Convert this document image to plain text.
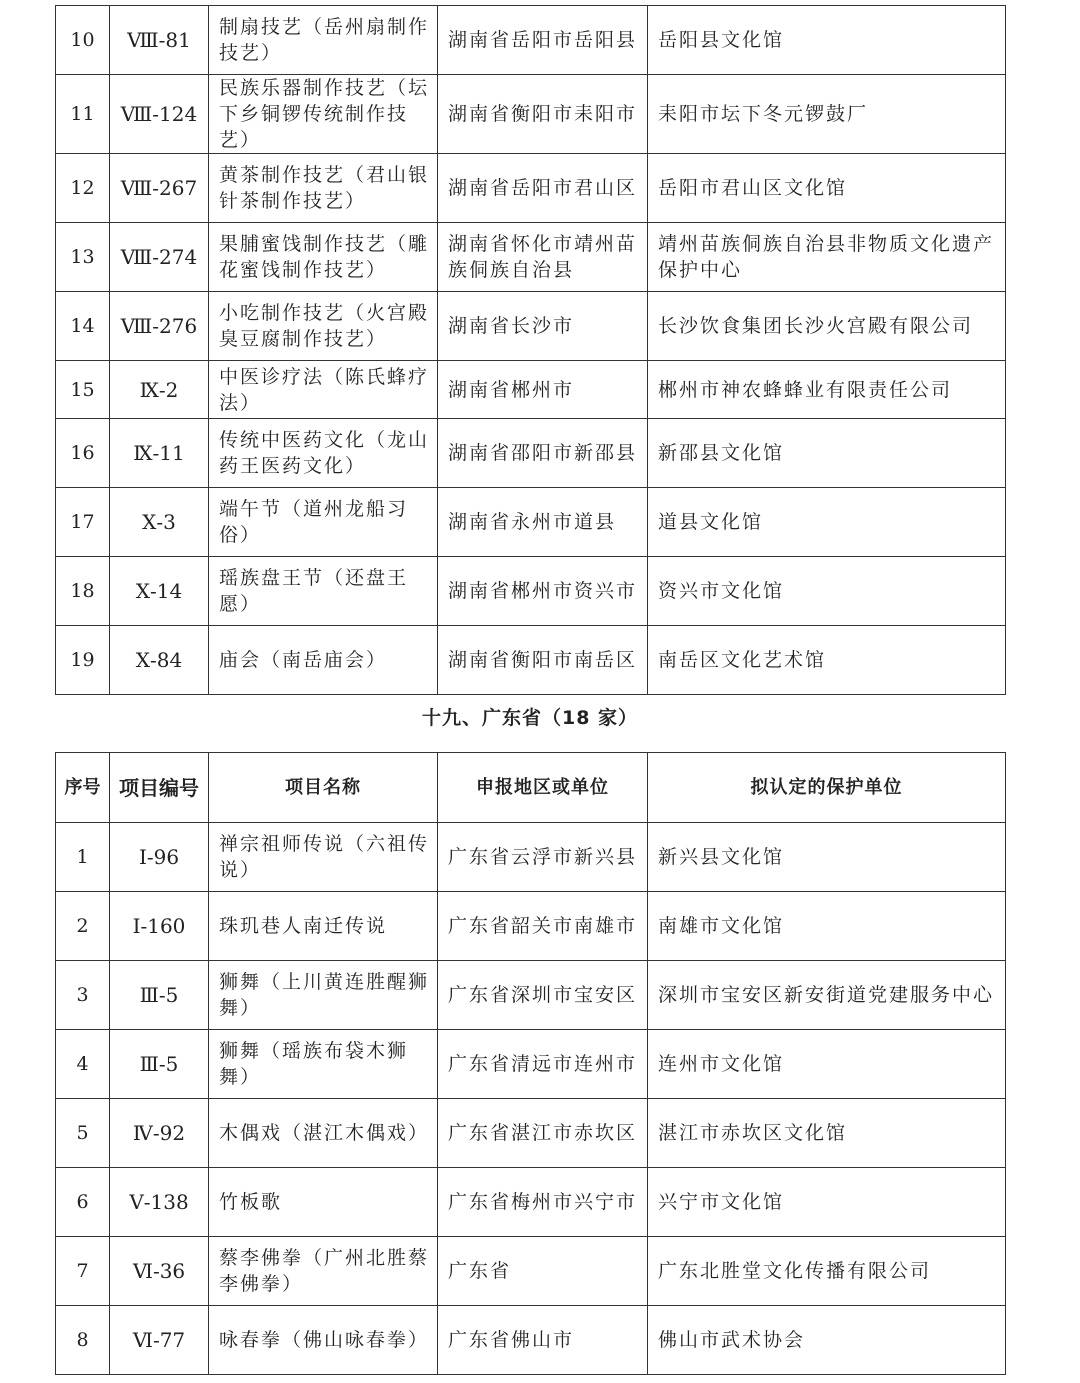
10	Ⅷ-81	制扇技艺（岳州扇制作技艺）	湖南省岳阳市岳阳县	岳阳县文化馆
11	Ⅷ-124	民族乐器制作技艺（坛下乡铜锣传统制作技艺）	湖南省衡阳市耒阳市	耒阳市坛下冬元锣鼓厂
12	Ⅷ-267	黄茶制作技艺（君山银针茶制作技艺）	湖南省岳阳市君山区	岳阳市君山区文化馆
13	Ⅷ-274	果脯蜜饯制作技艺（雕花蜜饯制作技艺）	湖南省怀化市靖州苗族侗族自治县	靖州苗族侗族自治县非物质文化遗产保护中心
14	Ⅷ-276	小吃制作技艺（火宫殿臭豆腐制作技艺）	湖南省长沙市	长沙饮食集团长沙火宫殿有限公司
15	Ⅸ-2	中医诊疗法（陈氏蜂疗法）	湖南省郴州市	郴州市神农蜂蜂业有限责任公司
16	Ⅸ-11	传统中医药文化（龙山药王医药文化）	湖南省邵阳市新邵县	新邵县文化馆
17	Ⅹ-3	端午节（道州龙船习俗）	湖南省永州市道县	道县文化馆
18	Ⅹ-14	瑶族盘王节（还盘王愿）	湖南省郴州市资兴市	资兴市文化馆
19	Ⅹ-84	庙会（南岳庙会）	湖南省衡阳市南岳区	南岳区文化艺术馆
十九、广东省（18 家）
序号	项目编号	项目名称	申报地区或单位	拟认定的保护单位
1	Ⅰ-96	禅宗祖师传说（六祖传说）	广东省云浮市新兴县	新兴县文化馆
2	Ⅰ-160	珠玑巷人南迁传说	广东省韶关市南雄市	南雄市文化馆
3	Ⅲ-5	狮舞（上川黄连胜醒狮舞）	广东省深圳市宝安区	深圳市宝安区新安街道党建服务中心
4	Ⅲ-5	狮舞（瑶族布袋木狮舞）	广东省清远市连州市	连州市文化馆
5	Ⅳ-92	木偶戏（湛江木偶戏）	广东省湛江市赤坎区	湛江市赤坎区文化馆
6	Ⅴ-138	竹板歌	广东省梅州市兴宁市	兴宁市文化馆
7	Ⅵ-36	蔡李佛拳（广州北胜蔡李佛拳）	广东省	广东北胜堂文化传播有限公司
8	Ⅵ-77	咏春拳（佛山咏春拳）	广东省佛山市	佛山市武术协会
